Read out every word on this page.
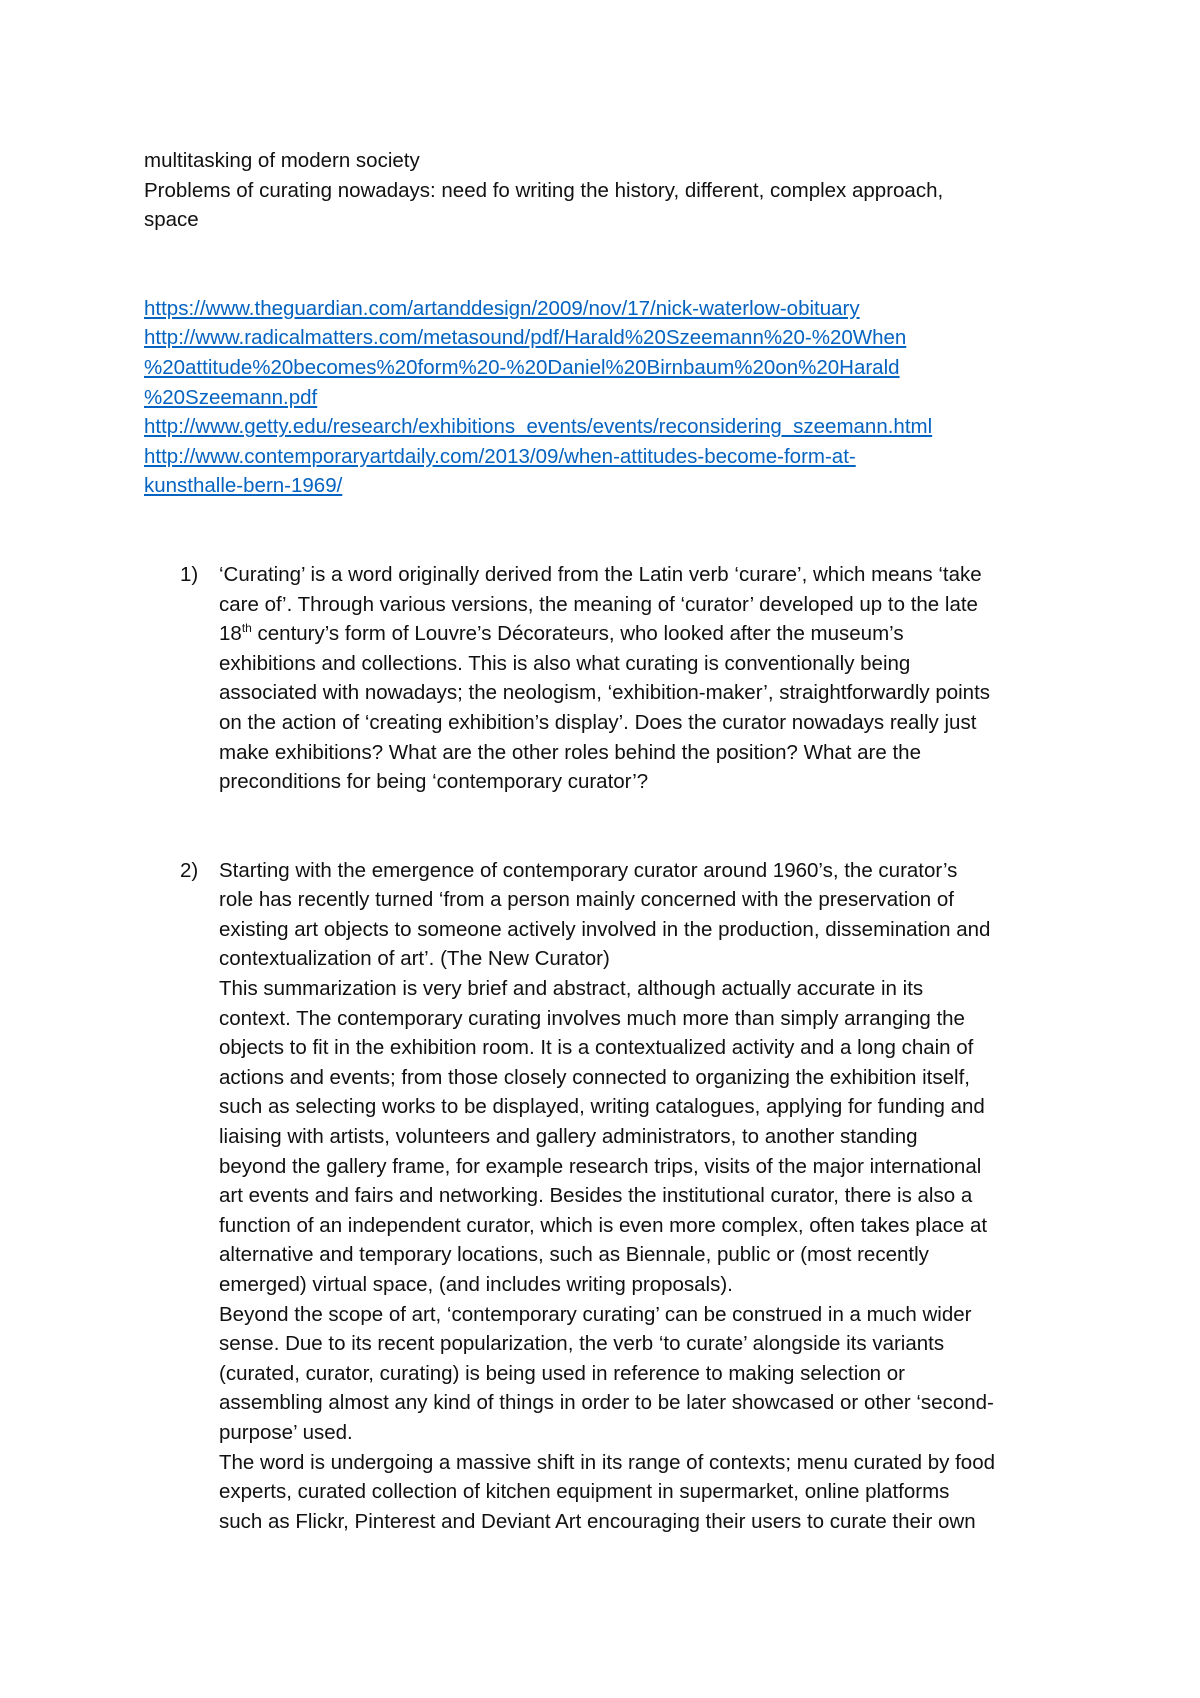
multitasking of modern society
Problems of curating nowadays: need fo writing the history, different, complex approach,
space
https://www.theguardian.com/artanddesign/2009/nov/17/nick-waterlow-obituary
http://www.radicalmatters.com/metasound/pdf/Harald%20Szeemann%20-%20When
%20attitude%20becomes%20form%20-%20Daniel%20Birnbaum%20on%20Harald
%20Szeemann.pdf
http://www.getty.edu/research/exhibitions_events/events/reconsidering_szeemann.html
http://www.contemporaryartdaily.com/2013/09/when-attitudes-become-form-at-
kunsthalle-bern-1969/
1) ‘Curating’ is a word originally derived from the Latin verb ‘curare’, which means ‘take
care of’. Through various versions, the meaning of ‘curator’ developed up to the late
18th century’s form of Louvre’s Décorateurs, who looked after the museum’s
exhibitions and collections. This is also what curating is conventionally being
associated with nowadays; the neologism, ‘exhibition-maker’, straightforwardly points
on the action of ‘creating exhibition’s display’. Does the curator nowadays really just
make exhibitions? What are the other roles behind the position? What are the
preconditions for being ‘contemporary curator’?
2) Starting with the emergence of contemporary curator around 1960’s, the curator’s
role has recently turned ‘from a person mainly concerned with the preservation of
existing art objects to someone actively involved in the production, dissemination and
contextualization of art’. (The New Curator)
This summarization is very brief and abstract, although actually accurate in its
context. The contemporary curating involves much more than simply arranging the
objects to fit in the exhibition room. It is a contextualized activity and a long chain of
actions and events; from those closely connected to organizing the exhibition itself,
such as selecting works to be displayed, writing catalogues, applying for funding and
liaising with artists, volunteers and gallery administrators, to another standing
beyond the gallery frame, for example research trips, visits of the major international
art events and fairs and networking. Besides the institutional curator, there is also a
function of an independent curator, which is even more complex, often takes place at
alternative and temporary locations, such as Biennale, public or (most recently
emerged) virtual space, (and includes writing proposals).
Beyond the scope of art, ‘contemporary curating’ can be construed in a much wider
sense. Due to its recent popularization, the verb ‘to curate’ alongside its variants
(curated, curator, curating) is being used in reference to making selection or
assembling almost any kind of things in order to be later showcased or other ‘second-
purpose’ used.
The word is undergoing a massive shift in its range of contexts; menu curated by food
experts, curated collection of kitchen equipment in supermarket, online platforms
such as Flickr, Pinterest and Deviant Art encouraging their users to curate their own
